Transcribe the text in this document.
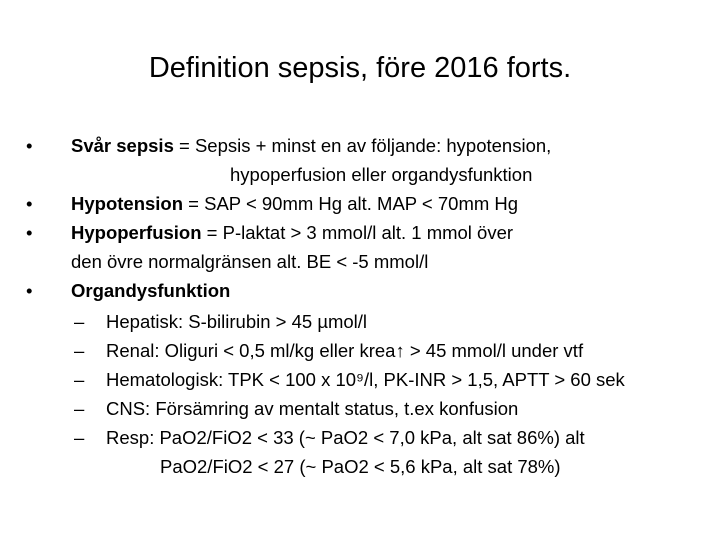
Definition sepsis, före 2016 forts.
•	Svår sepsis = Sepsis + minst en av följande: hypotension,
hypoperfusion eller organdysfunktion
•	Hypotension = SAP < 90mm Hg alt. MAP < 70mm Hg
•	Hypoperfusion = P-laktat > 3 mmol/l alt. 1 mmol över
den övre normalgränsen alt. BE < -5 mmol/l
•	Organdysfunktion
– Hepatisk: S-bilirubin > 45 µmol/l
– Renal: Oliguri < 0,5 ml/kg eller krea↑ > 45 mmol/l under vtf
– Hematologisk: TPK < 100 x 10⁹/l, PK-INR > 1,5, APTT > 60 sek
– CNS: Försämring av mentalt status, t.ex konfusion
– Resp: PaO2/FiO2 < 33 (~ PaO2 < 7,0 kPa, alt sat 86%) alt
PaO2/FiO2 < 27 (~ PaO2 < 5,6 kPa, alt sat 78%)
